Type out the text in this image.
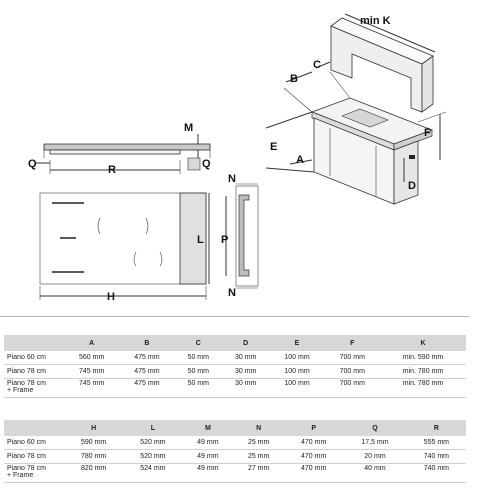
M
R
Q	Q
H
L P
N
N
min K
B
C
E
A
F
D
	A	B	C	D	E	F	K
Piano 60 cm	560 mm	475 mm	50 mm	30 mm	100 mm	700 mm	min. 590 mm
Piano 78 cm	745 mm	475 mm	50 mm	30 mm	100 mm	700 mm	min. 780 mm
Piano 78 cm
+ Frame	745 mm	475 mm	50 mm	30 mm	100 mm	700 mm	min. 780 mm
	H	L	M	N	P	Q	R
Piano 60 cm	590 mm	520 mm	49 mm	25 mm	470 mm	17,5 mm	555 mm
Piano 78 cm	780 mm	520 mm	49 mm	25 mm	470 mm	20 mm	740 mm
Piano 78 cm
+ Frame	820 mm	524 mm	49 mm	27 mm	470 mm	40 mm	740 mm
